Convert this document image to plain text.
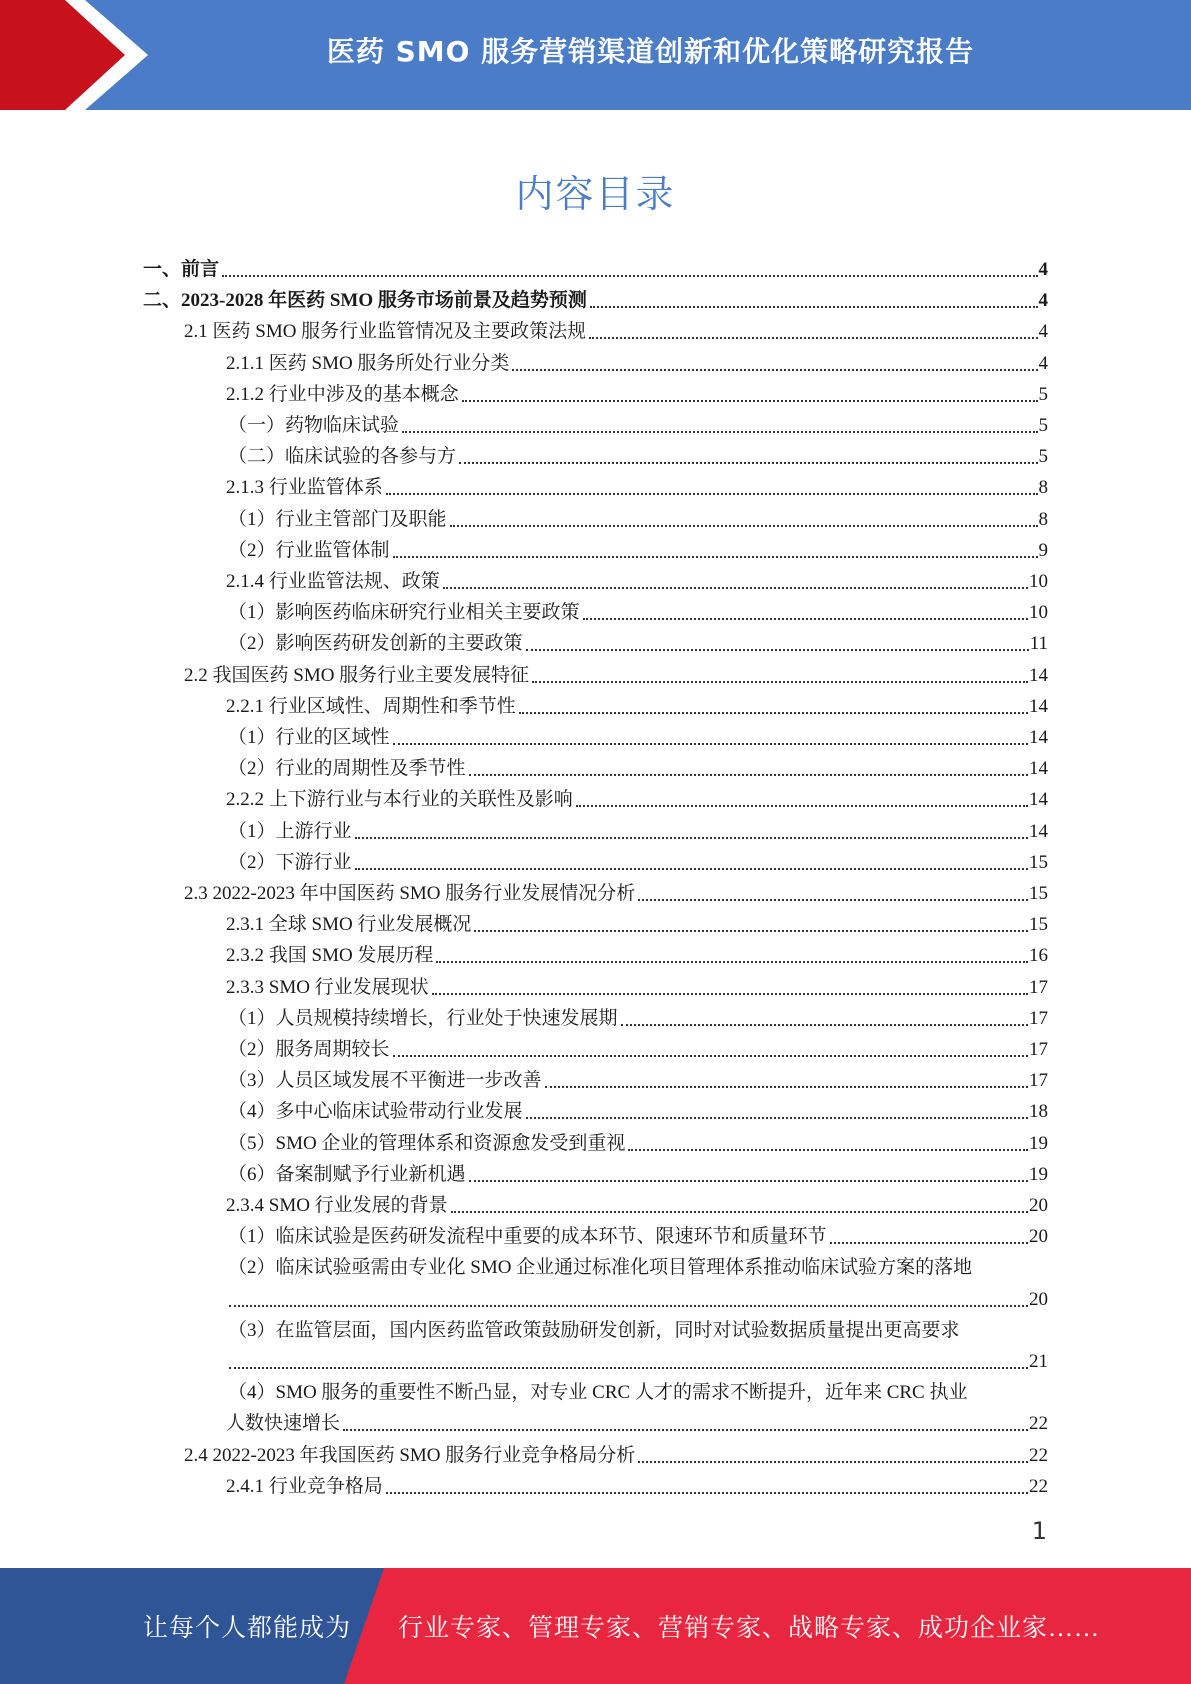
医药 SMO 服务营销渠道创新和优化策略研究报告
内容目录
一、前言	4
二、2023-2028 年医药 SMO 服务市场前景及趋势预测	4
2.1 医药 SMO 服务行业监管情况及主要政策法规	4
2.1.1 医药 SMO 服务所处行业分类	4
2.1.2 行业中涉及的基本概念	5
（一）药物临床试验	5
（二）临床试验的各参与方	5
2.1.3 行业监管体系	8
（1）行业主管部门及职能	8
（2）行业监管体制	9
2.1.4 行业监管法规、政策	10
（1）影响医药临床研究行业相关主要政策	10
（2）影响医药研发创新的主要政策	11
2.2 我国医药 SMO 服务行业主要发展特征	14
2.2.1 行业区域性、周期性和季节性	14
（1）行业的区域性	14
（2）行业的周期性及季节性	14
2.2.2 上下游行业与本行业的关联性及影响	14
（1）上游行业	14
（2）下游行业	15
2.3 2022-2023 年中国医药 SMO 服务行业发展情况分析	15
2.3.1 全球 SMO 行业发展概况	15
2.3.2 我国 SMO 发展历程	16
2.3.3 SMO 行业发展现状	17
（1）人员规模持续增长，行业处于快速发展期	17
（2）服务周期较长	17
（3）人员区域发展不平衡进一步改善	17
（4）多中心临床试验带动行业发展	18
（5）SMO 企业的管理体系和资源愈发受到重视	19
（6）备案制赋予行业新机遇	19
2.3.4 SMO 行业发展的背景	20
（1）临床试验是医药研发流程中重要的成本环节、限速环节和质量环节	20
（2）临床试验亟需由专业化 SMO 企业通过标准化项目管理体系推动临床试验方案的落地
20
（3）在监管层面，国内医药监管政策鼓励研发创新，同时对试验数据质量提出更高要求
21
（4）SMO 服务的重要性不断凸显，对专业 CRC 人才的需求不断提升，近年来 CRC 执业
人数快速增长	22
2.4 2022-2023 年我国医药 SMO 服务行业竞争格局分析	22
2.4.1 行业竞争格局	22
1
让每个人都能成为 行业专家、管理专家、营销专家、战略专家、成功企业家……
